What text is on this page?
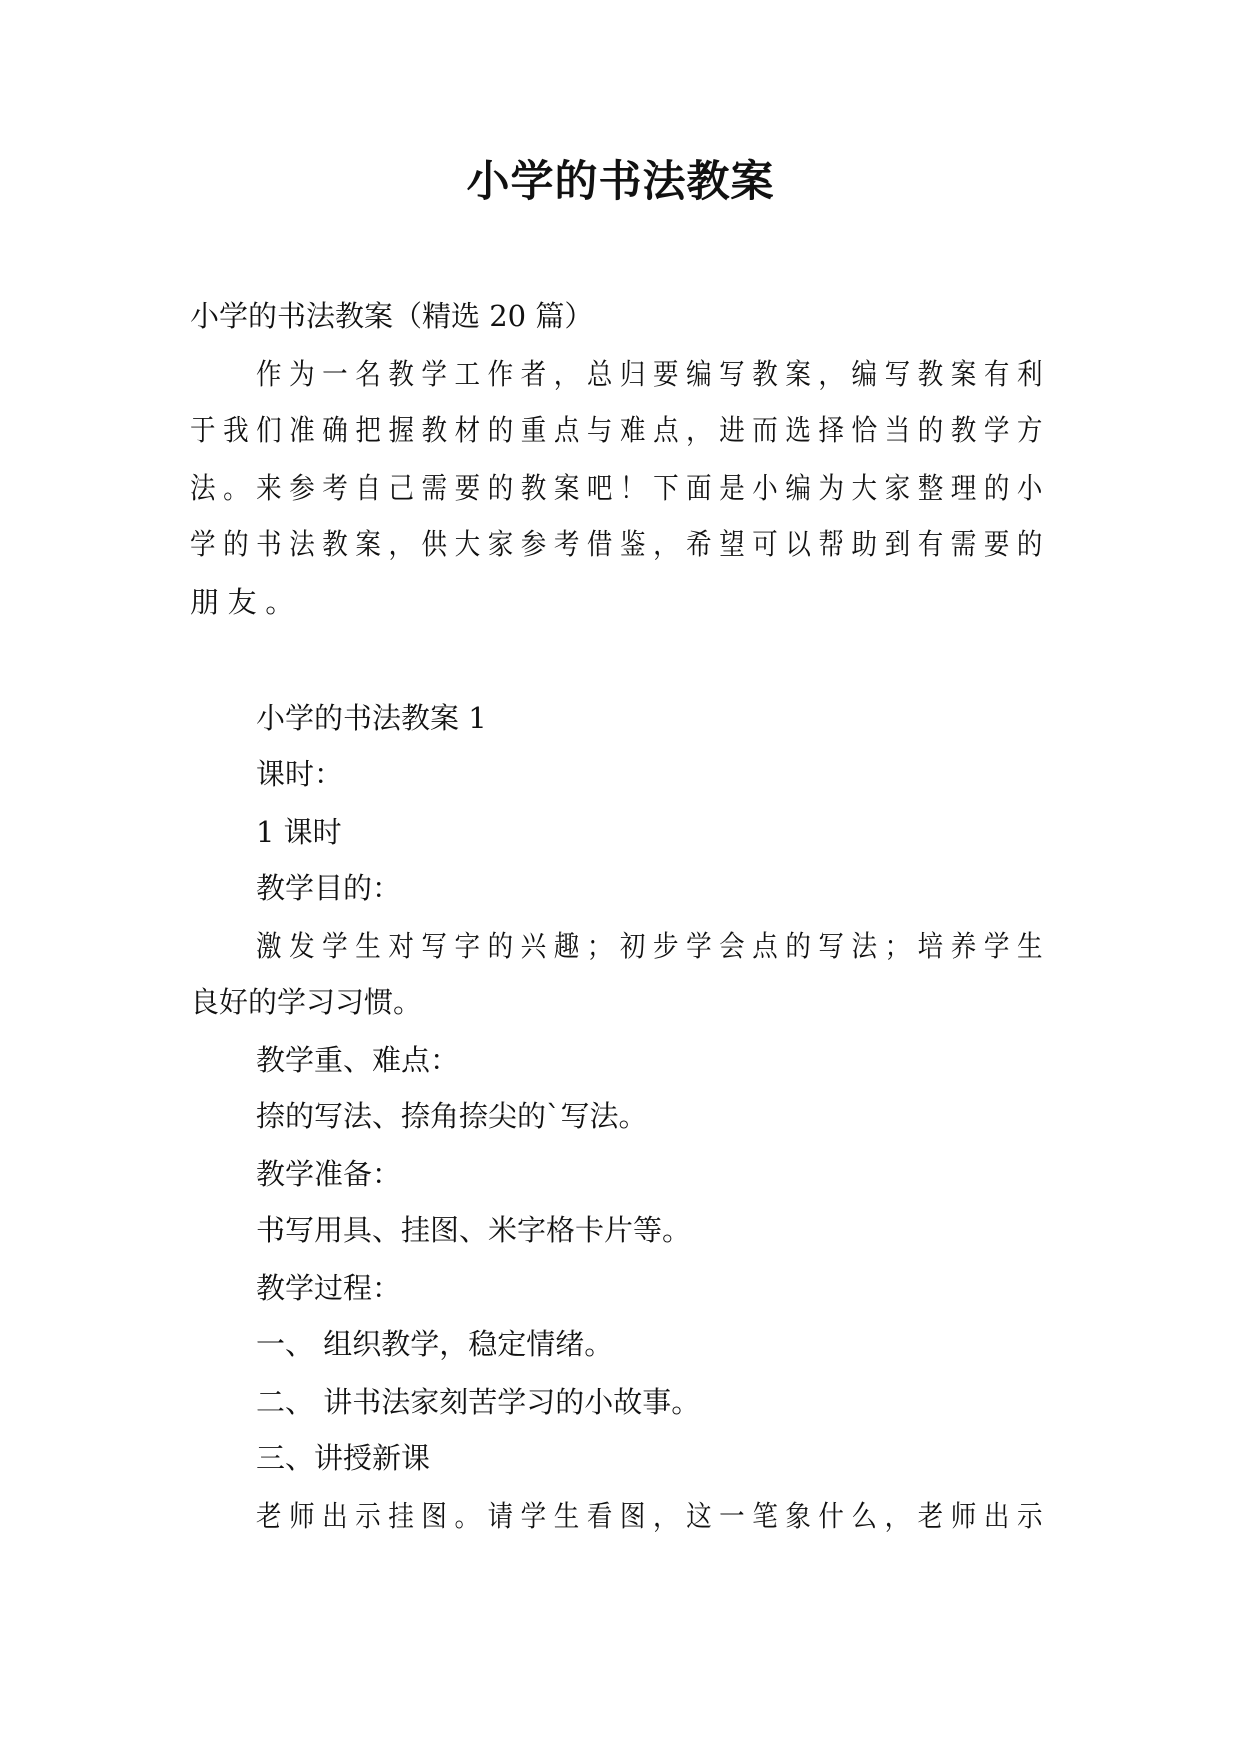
小学的书法教案

小学的书法教案（精选 20 篇）

作为一名教学工作者，总归要编写教案，编写教案有利

于我们准确把握教材的重点与难点，进而选择恰当的教学方

法。来参考自己需要的教案吧！下面是小编为大家整理的小

学的书法教案，供大家参考借鉴，希望可以帮助到有需要的

朋友。

小学的书法教案 1

课时：

1 课时

教学目的：

激发学生对写字的兴趣；初步学会点的写法；培养学生

良好的学习习惯。

教学重、难点：

捺的写法、捺角捺尖的`写法。

教学准备：

书写用具、挂图、米字格卡片等。

教学过程：

一、 组织教学，稳定情绪。

二、 讲书法家刻苦学习的小故事。

三、讲授新课

老师出示挂图。请学生看图，这一笔象什么，老师出示
